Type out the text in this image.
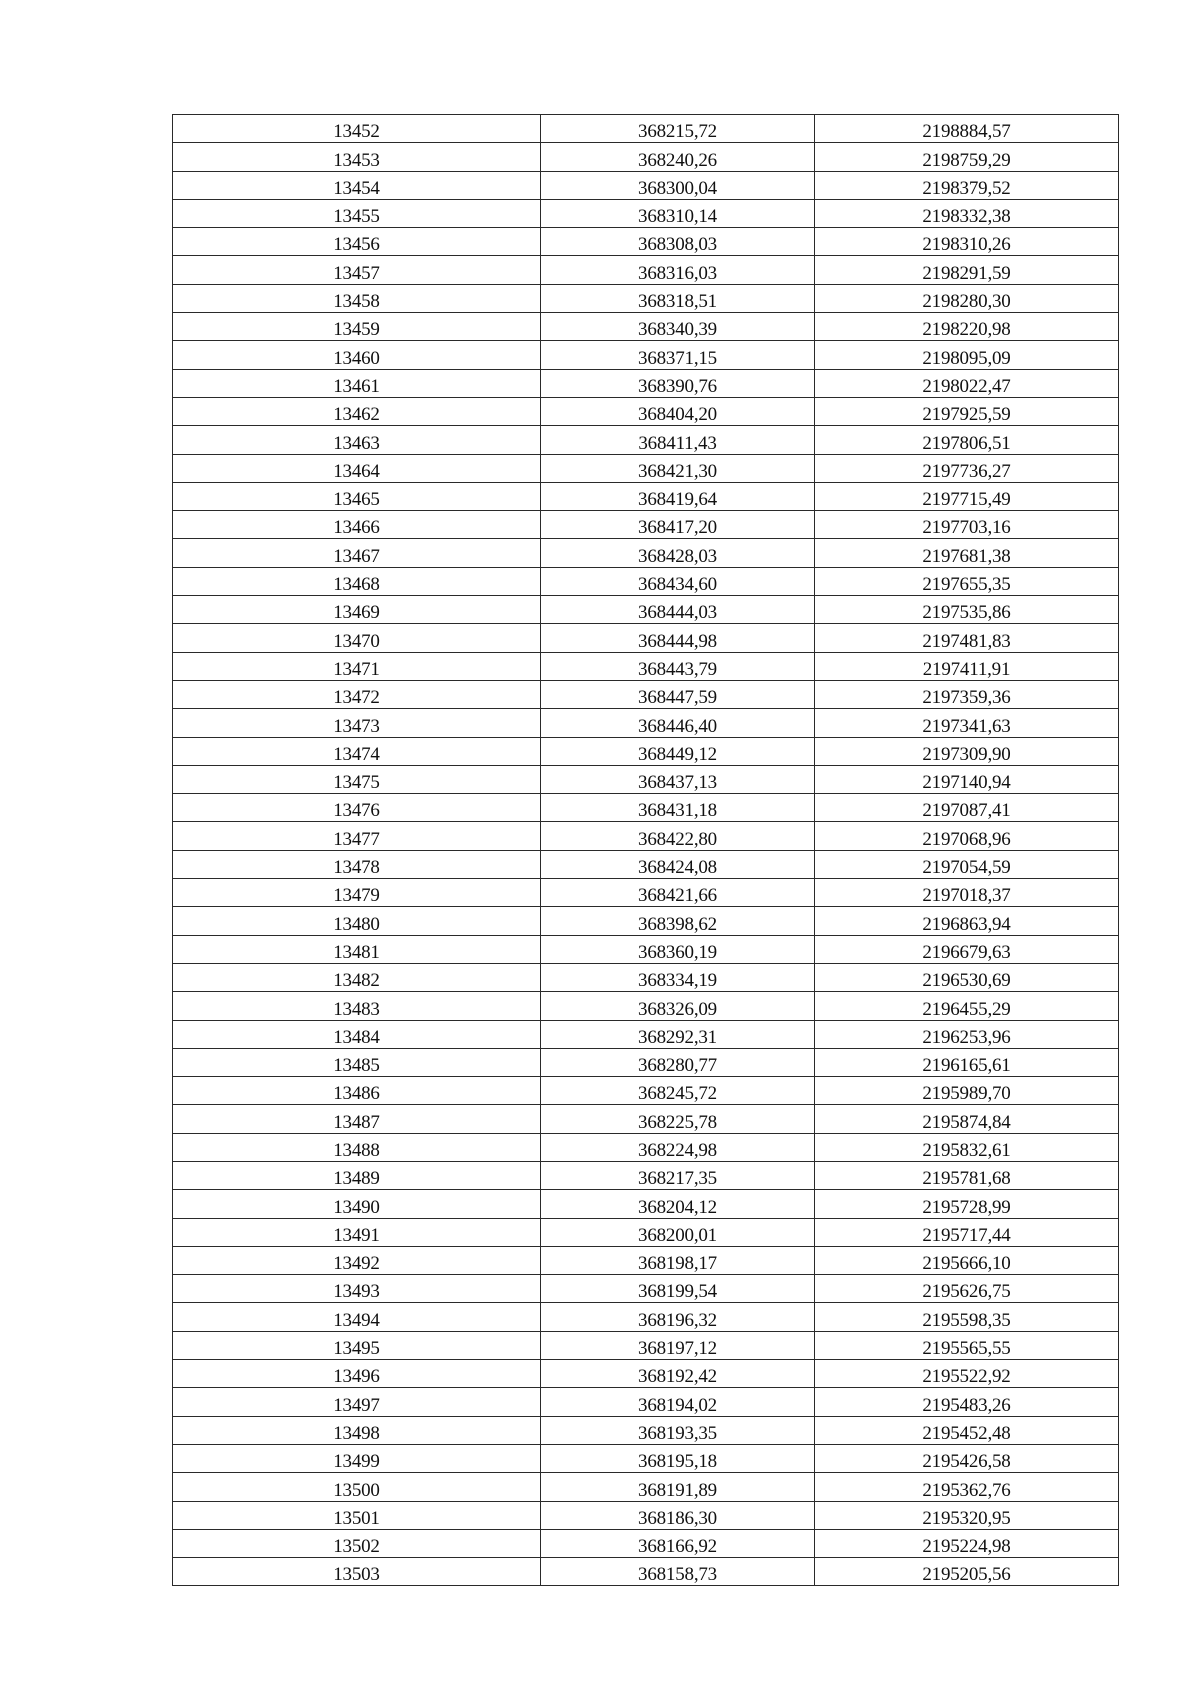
13452	368215,72	2198884,57
13453	368240,26	2198759,29
13454	368300,04	2198379,52
13455	368310,14	2198332,38
13456	368308,03	2198310,26
13457	368316,03	2198291,59
13458	368318,51	2198280,30
13459	368340,39	2198220,98
13460	368371,15	2198095,09
13461	368390,76	2198022,47
13462	368404,20	2197925,59
13463	368411,43	2197806,51
13464	368421,30	2197736,27
13465	368419,64	2197715,49
13466	368417,20	2197703,16
13467	368428,03	2197681,38
13468	368434,60	2197655,35
13469	368444,03	2197535,86
13470	368444,98	2197481,83
13471	368443,79	2197411,91
13472	368447,59	2197359,36
13473	368446,40	2197341,63
13474	368449,12	2197309,90
13475	368437,13	2197140,94
13476	368431,18	2197087,41
13477	368422,80	2197068,96
13478	368424,08	2197054,59
13479	368421,66	2197018,37
13480	368398,62	2196863,94
13481	368360,19	2196679,63
13482	368334,19	2196530,69
13483	368326,09	2196455,29
13484	368292,31	2196253,96
13485	368280,77	2196165,61
13486	368245,72	2195989,70
13487	368225,78	2195874,84
13488	368224,98	2195832,61
13489	368217,35	2195781,68
13490	368204,12	2195728,99
13491	368200,01	2195717,44
13492	368198,17	2195666,10
13493	368199,54	2195626,75
13494	368196,32	2195598,35
13495	368197,12	2195565,55
13496	368192,42	2195522,92
13497	368194,02	2195483,26
13498	368193,35	2195452,48
13499	368195,18	2195426,58
13500	368191,89	2195362,76
13501	368186,30	2195320,95
13502	368166,92	2195224,98
13503	368158,73	2195205,56
